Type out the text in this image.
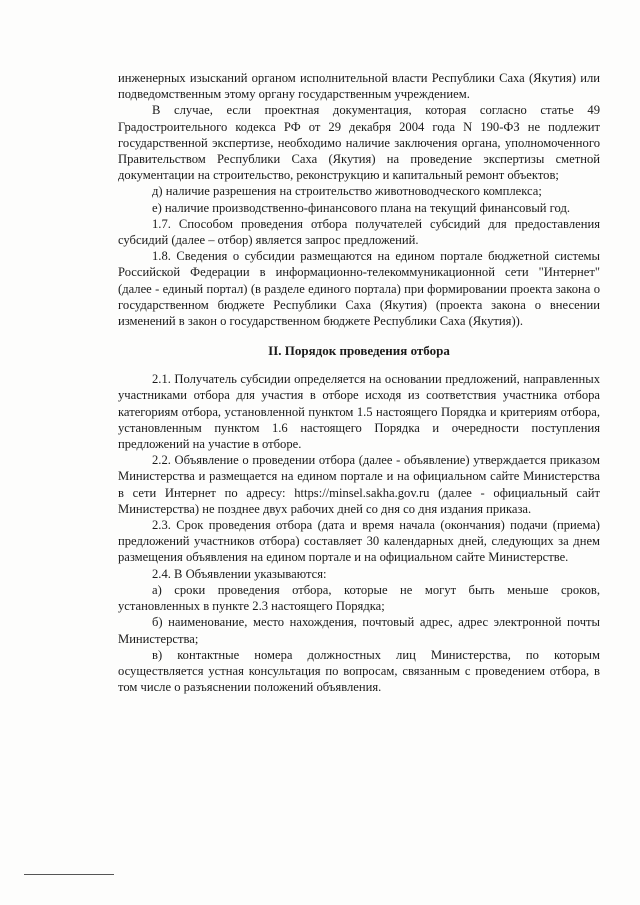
инженерных изысканий органом исполнительной власти Республики Саха (Якутия) или подведомственным этому органу государственным учреждением.

В случае, если проектная документация, которая согласно статье 49 Градостроительного кодекса РФ от 29 декабря 2004 года N 190-ФЗ не подлежит государственной экспертизе, необходимо наличие заключения органа, уполномоченного Правительством Республики Саха (Якутия) на проведение экспертизы сметной документации на строительство, реконструкцию и капитальный ремонт объектов;

д) наличие разрешения на строительство животноводческого комплекса;

е) наличие производственно-финансового плана на текущий финансовый год.

1.7. Способом проведения отбора получателей субсидий для предоставления субсидий (далее – отбор) является запрос предложений.

1.8. Сведения о субсидии размещаются на едином портале бюджетной системы Российской Федерации в информационно-телекоммуникационной сети "Интернет" (далее - единый портал) (в разделе единого портала) при формировании проекта закона о государственном бюджете Республики Саха (Якутия) (проекта закона о внесении изменений в закон о государственном бюджете Республики Саха (Якутия)).

II. Порядок проведения отбора

2.1. Получатель субсидии определяется на основании предложений, направленных участниками отбора для участия в отборе исходя из соответствия участника отбора категориям отбора, установленной пунктом 1.5 настоящего Порядка и критериям отбора, установленным пунктом 1.6 настоящего Порядка и очередности поступления предложений на участие в отборе.

2.2. Объявление о проведении отбора (далее - объявление) утверждается приказом Министерства и размещается на едином портале и на официальном сайте Министерства в сети Интернет по адресу: https://minsel.sakha.gov.ru (далее - официальный сайт Министерства) не позднее двух рабочих дней со дня со дня издания приказа.

2.3. Срок проведения отбора (дата и время начала (окончания) подачи (приема) предложений участников отбора) составляет 30 календарных дней, следующих за днем размещения объявления на едином портале и на официальном сайте Министерстве.

2.4. В Объявлении указываются:

а) сроки проведения отбора, которые не могут быть меньше сроков, установленных в пункте 2.3 настоящего Порядка;

б) наименование, место нахождения, почтовый адрес, адрес электронной почты Министерства;

в) контактные номера должностных лиц Министерства, по которым осуществляется устная консультация по вопросам, связанным с проведением отбора, в том числе о разъяснении положений объявления.
